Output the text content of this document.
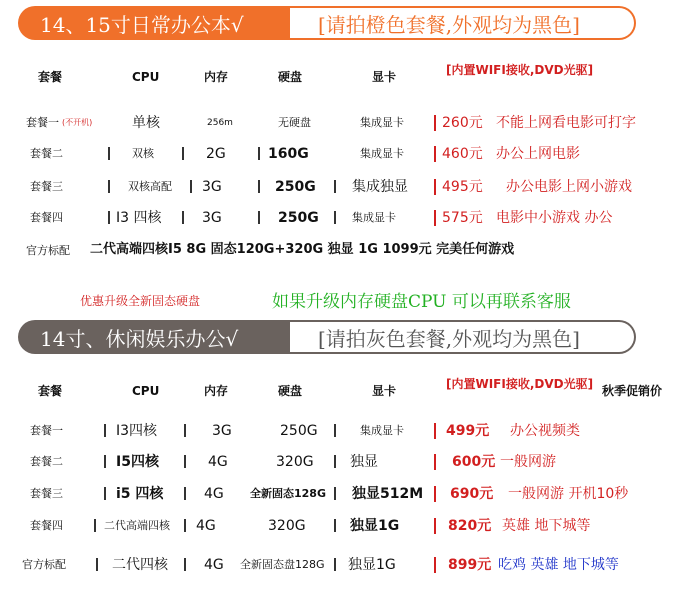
14、15寸日常办公本√	[请拍橙色套餐,外观均为黑色]
套餐	CPU	内存	硬盘	显卡	[内置WIFI接收,DVD光驱]
套餐一 (不开机)	单核	256m	无硬盘	集成显卡	260元 不能上网看电影可打字
套餐二	双核	2G	160G	集成显卡	460元 办公上网电影
套餐三	双核高配 3G	250G	集成独显 495元 办公电影上网小游戏
套餐四	I3 四核	3G	250G	集成显卡	575元 电影中小游戏 办公
官方标配 二代高端四核I5 8G 固态120G+320G 独显 1G 1099元 完美任何游戏
优惠升级全新固态硬盘	如果升级内存硬盘CPU 可以再联系客服
14寸、休闲娱乐办公√	[请拍灰色套餐,外观均为黑色]
套餐	CPU	内存	硬盘	显卡	[内置WIFI接收,DVD光驱] 秋季促销价
套餐一	I3四核	3G	250G	集成显卡	499元 办公视频类
套餐二	I5四核	4G	320G	独显	600元 一般网游
套餐三	i5 四核	4G 全新固态128G 独显512M 690元 一般网游 开机10秒
套餐四	二代高端四核 4G	320G	独显1G	820元 英雄 地下城等
官方标配	二代四核	4G 全新固态盘128G 独显1G	899元 吃鸡 英雄 地下城等
